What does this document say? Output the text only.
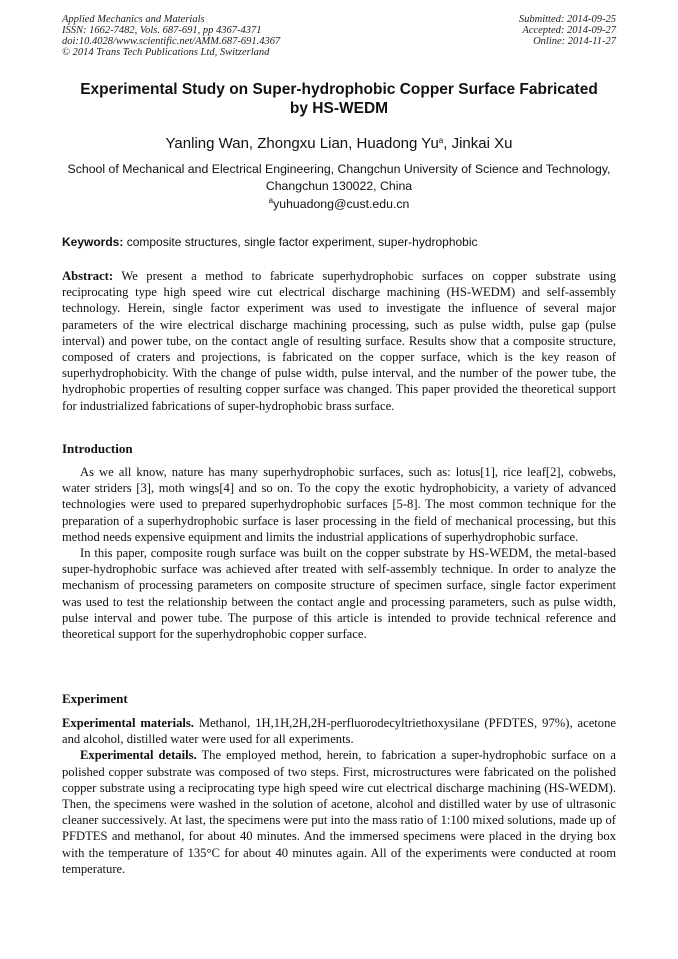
Applied Mechanics and Materials
ISSN: 1662-7482, Vols. 687-691, pp 4367-4371
doi:10.4028/www.scientific.net/AMM.687-691.4367
© 2014 Trans Tech Publications Ltd, Switzerland
Submitted: 2014-09-25
Accepted: 2014-09-27
Online: 2014-11-27
Experimental Study on Super-hydrophobic Copper Surface Fabricated
by HS-WEDM
Yanling Wan, Zhongxu Lian, Huadong Yu$^a$, Jinkai Xu
School of Mechanical and Electrical Engineering, Changchun University of Science and Technology,
Changchun 130022, China
$^a$yuhuadong@cust.edu.cn
Keywords: composite structures, single factor experiment, super-hydrophobic

Abstract: We present a method to fabricate superhydrophobic surfaces on copper substrate using reciprocating type high speed wire cut electrical discharge machining (HS-WEDM) and self-assembly technology. Herein, single factor experiment was used to investigate the influence of several major parameters of the wire electrical discharge machining processing, such as pulse width, pulse gap (pulse interval) and power tube, on the contact angle of resulting surface. Results show that a composite structure, composed of craters and projections, is fabricated on the copper surface, which is the key reason of superhydrophobicity. With the change of pulse width, pulse interval, and the number of the power tube, the hydrophobic properties of resulting copper surface was changed. This paper provided the theoretical support for industrialized fabrications of super-hydrophobic brass surface.

Introduction

As we all know, nature has many superhydrophobic surfaces, such as: lotus[1], rice leaf[2], cobwebs, water striders [3], moth wings[4] and so on. To the copy the exotic hydrophobicity, a variety of advanced technologies were used to prepared superhydrophobic surfaces [5-8]. The most common technique for the preparation of a superhydrophobic surface is laser processing in the field of mechanical processing, but this method needs expensive equipment and limits the industrial applications of superhydrophobic surface.

In this paper, composite rough surface was built on the copper substrate by HS-WEDM, the metal-based super-hydrophobic surface was achieved after treated with self-assembly technique. In order to analyze the mechanism of processing parameters on composite structure of specimen surface, single factor experiment was used to test the relationship between the contact angle and processing parameters, such as pulse width, pulse interval and power tube. The purpose of this article is intended to provide technical reference and theoretical support for the superhydrophobic copper surface.

Experiment

Experimental materials. Methanol, 1H,1H,2H,2H-perfluorodecyltriethoxysilane (PFDTES, 97%), acetone and alcohol, distilled water were used for all experiments.

Experimental details. The employed method, herein, to fabrication a super-hydrophobic surface on a polished copper substrate was composed of two steps. First, microstructures were fabricated on the polished copper substrate using a reciprocating type high speed wire cut electrical discharge machining (HS-WEDM). Then, the specimens were washed in the solution of acetone, alcohol and distilled water by use of ultrasonic cleaner successively. At last, the specimens were put into the mass ratio of 1:100 mixed solutions, made up of PFDTES and methanol, for about 40 minutes. And the immersed specimens were placed in the drying box with the temperature of 135°C for about 40 minutes again. All of the experiments were conducted at room temperature.
